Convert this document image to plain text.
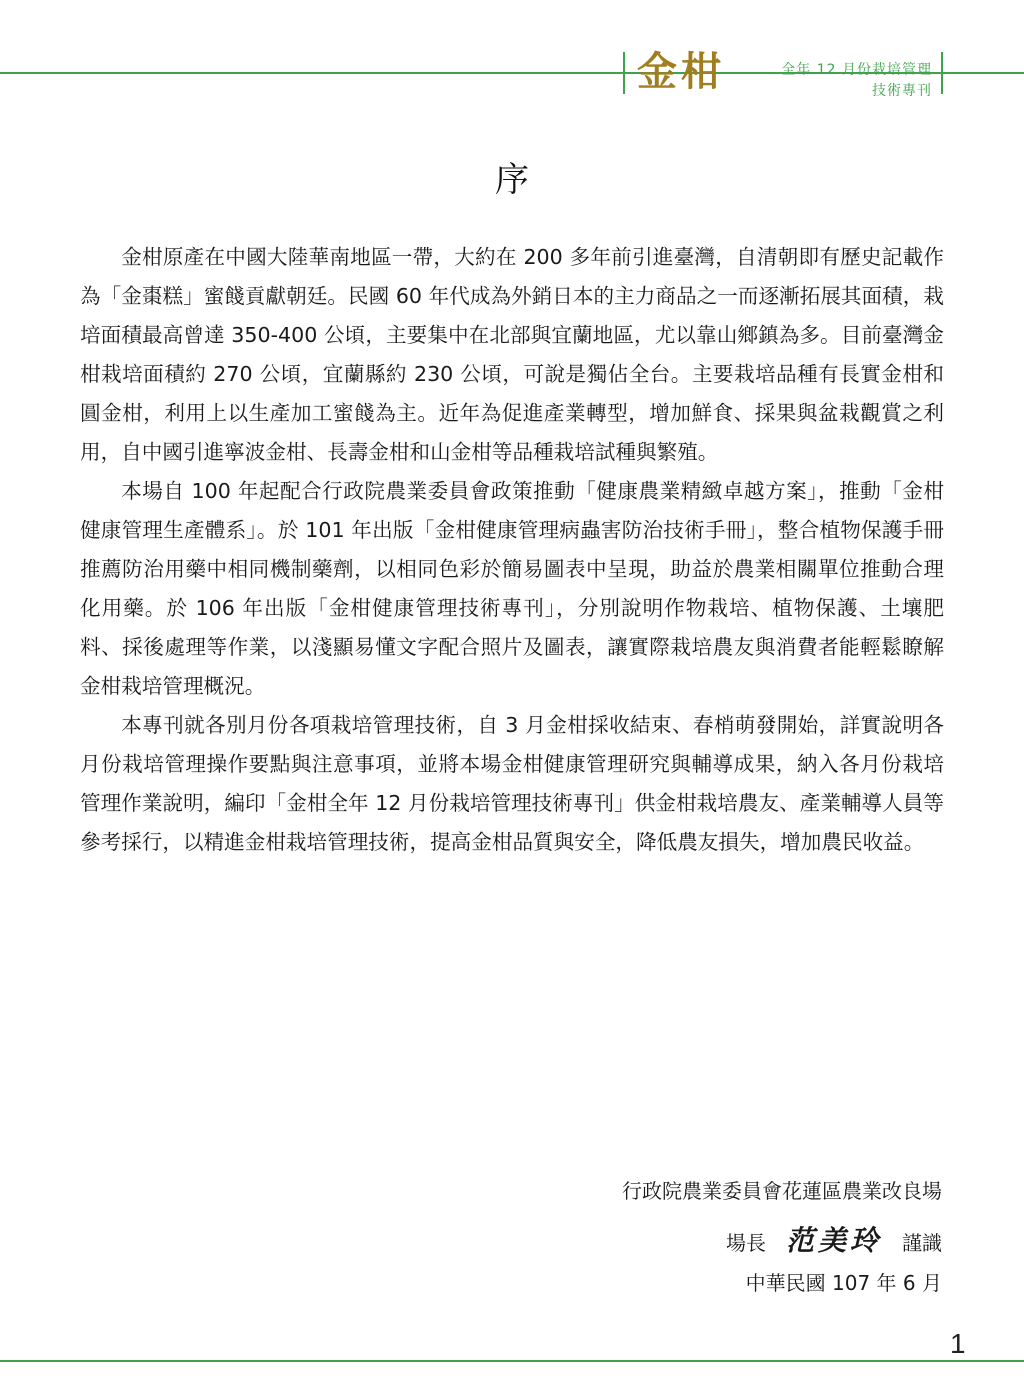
金柑	全年 12 月份栽培管理
技術專刊
序

金柑原產在中國大陸華南地區一帶，大約在 200 多年前引進臺灣，自清朝即有歷史記載作為「金棗糕」蜜餞貢獻朝廷。民國 60 年代成為外銷日本的主力商品之一而逐漸拓展其面積，栽培面積最高曾達 350-400 公頃，主要集中在北部與宜蘭地區，尤以靠山鄉鎮為多。目前臺灣金柑栽培面積約 270 公頃，宜蘭縣約 230 公頃，可說是獨佔全台。主要栽培品種有長實金柑和圓金柑，利用上以生產加工蜜餞為主。近年為促進產業轉型，增加鮮食、採果與盆栽觀賞之利用，自中國引進寧波金柑、長壽金柑和山金柑等品種栽培試種與繁殖。

本場自 100 年起配合行政院農業委員會政策推動「健康農業精緻卓越方案」，推動「金柑健康管理生產體系」。於 101 年出版「金柑健康管理病蟲害防治技術手冊」，整合植物保護手冊推薦防治用藥中相同機制藥劑，以相同色彩於簡易圖表中呈現，助益於農業相關單位推動合理化用藥。於 106 年出版「金柑健康管理技術專刊」，分別說明作物栽培、植物保護、土壤肥料、採後處理等作業，以淺顯易懂文字配合照片及圖表，讓實際栽培農友與消費者能輕鬆瞭解金柑栽培管理概況。

本專刊就各別月份各項栽培管理技術，自 3 月金柑採收結束、春梢萌發開始，詳實說明各月份栽培管理操作要點與注意事項，並將本場金柑健康管理研究與輔導成果，納入各月份栽培管理作業說明，編印「金柑全年 12 月份栽培管理技術專刊」供金柑栽培農友、產業輔導人員等參考採行，以精進金柑栽培管理技術，提高金柑品質與安全，降低農友損失，增加農民收益。

行政院農業委員會花蓮區農業改良場
場長 范美玲 謹識
中華民國 107 年 6 月
1
